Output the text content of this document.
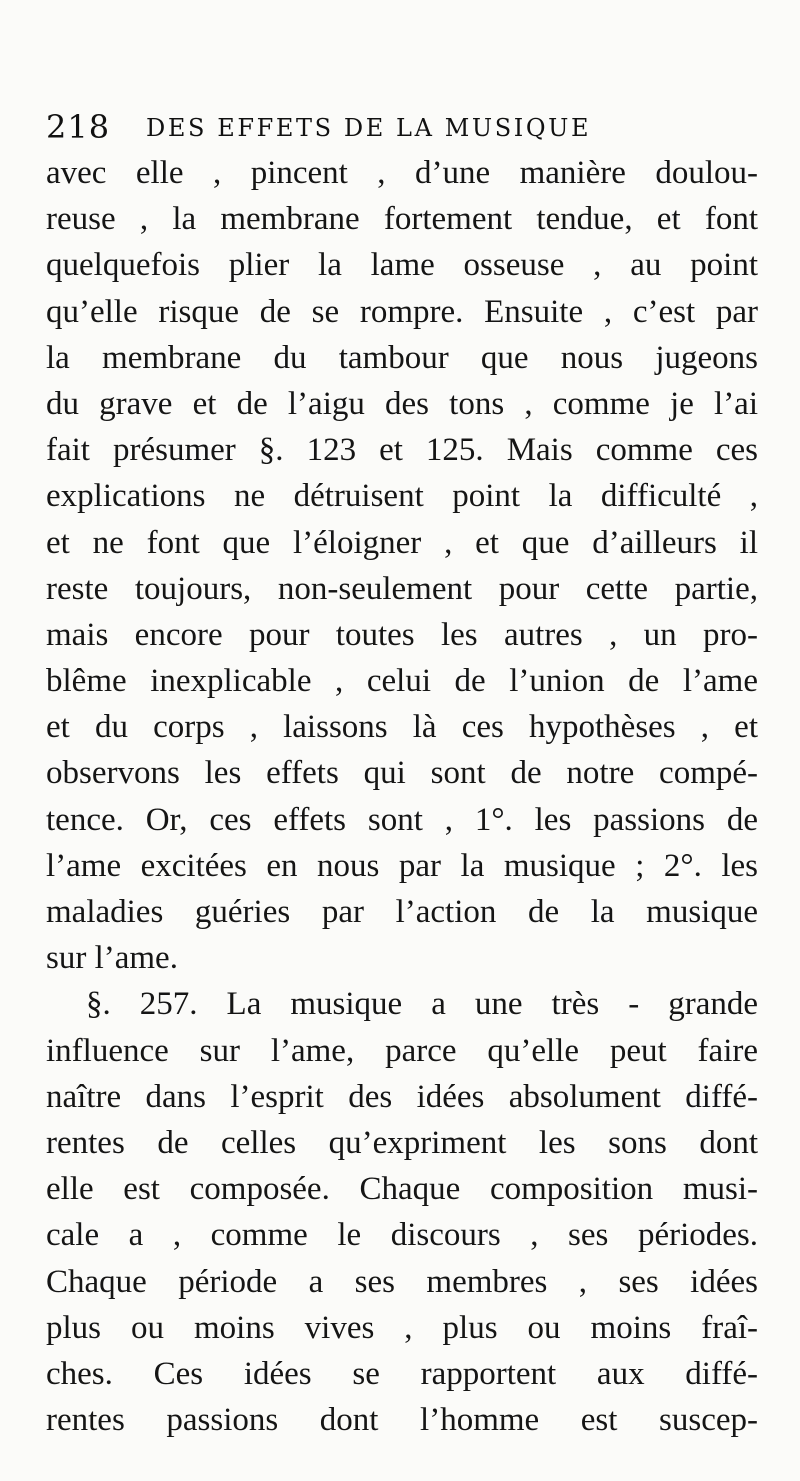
218 DES EFFETS DE LA MUSIQUE
avec elle , pincent , d’une manière doulou-
reuse , la membrane fortement tendue, et font
quelquefois plier la lame osseuse , au point
qu’elle risque de se rompre. Ensuite , c’est par
la membrane du tambour que nous jugeons
du grave et de l’aigu des tons , comme je l’ai
fait présumer §. 123 et 125. Mais comme ces
explications ne détruisent point la difficulté ,
et ne font que l’éloigner , et que d’ailleurs il
reste toujours, non-seulement pour cette partie,
mais encore pour toutes les autres , un pro-
blême inexplicable , celui de l’union de l’ame
et du corps , laissons là ces hypothèses , et
observons les effets qui sont de notre compé-
tence. Or, ces effets sont , 1°. les passions de
l’ame excitées en nous par la musique ; 2°. les
maladies guéries par l’action de la musique
sur l’ame.
§. 257. La musique a une très - grande
influence sur l’ame, parce qu’elle peut faire
naître dans l’esprit des idées absolument diffé-
rentes de celles qu’expriment les sons dont
elle est composée. Chaque composition musi-
cale a , comme le discours , ses périodes.
Chaque période a ses membres , ses idées
plus ou moins vives , plus ou moins fraî-
ches. Ces idées se rapportent aux diffé-
rentes passions dont l’homme est suscep-
